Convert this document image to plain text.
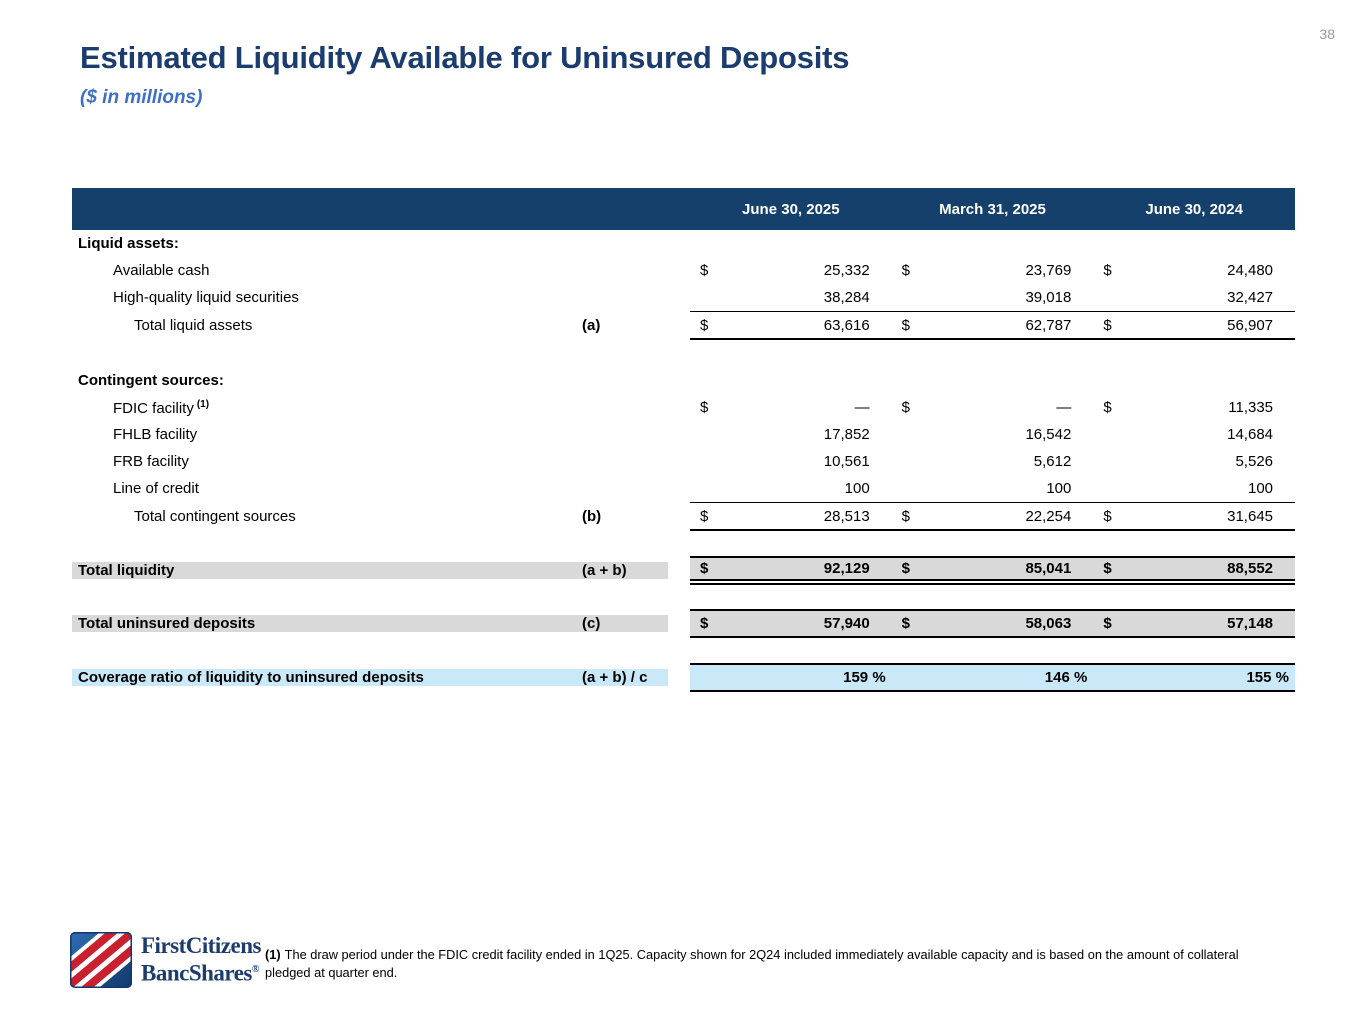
38
Estimated Liquidity Available for Uninsured Deposits
($ in millions)
June 30, 2025	March 31, 2025	June 30, 2024
Liquid assets:
Available cash	$	25,332 $	23,769 $	24,480
High-quality liquid securities	38,284	39,018	32,427
Total liquid assets	(a)	$	63,616 $	62,787 $	56,907
Contingent sources:
FDIC facility $^{(1)}$	$	— $	— $	11,335
FHLB facility	17,852	16,542	14,684
FRB facility	10,561	5,612	5,526
Line of credit	100	100	100
Total contingent sources	(b)	$	28,513 $	22,254 $	31,645
Total liquidity	(a + b)	$	92,129 $	85,041 $	88,552
Total uninsured deposits	(c)	$	57,940 $	58,063 $	57,148
Coverage ratio of liquidity to uninsured deposits	(a + b) / c	159 %	146 %	155 %
FirstCitizens
BancShares®
(1) The draw period under the FDIC credit facility ended in 1Q25. Capacity shown for 2Q24 included immediately available capacity and is based on the amount of collateral pledged at quarter end.
